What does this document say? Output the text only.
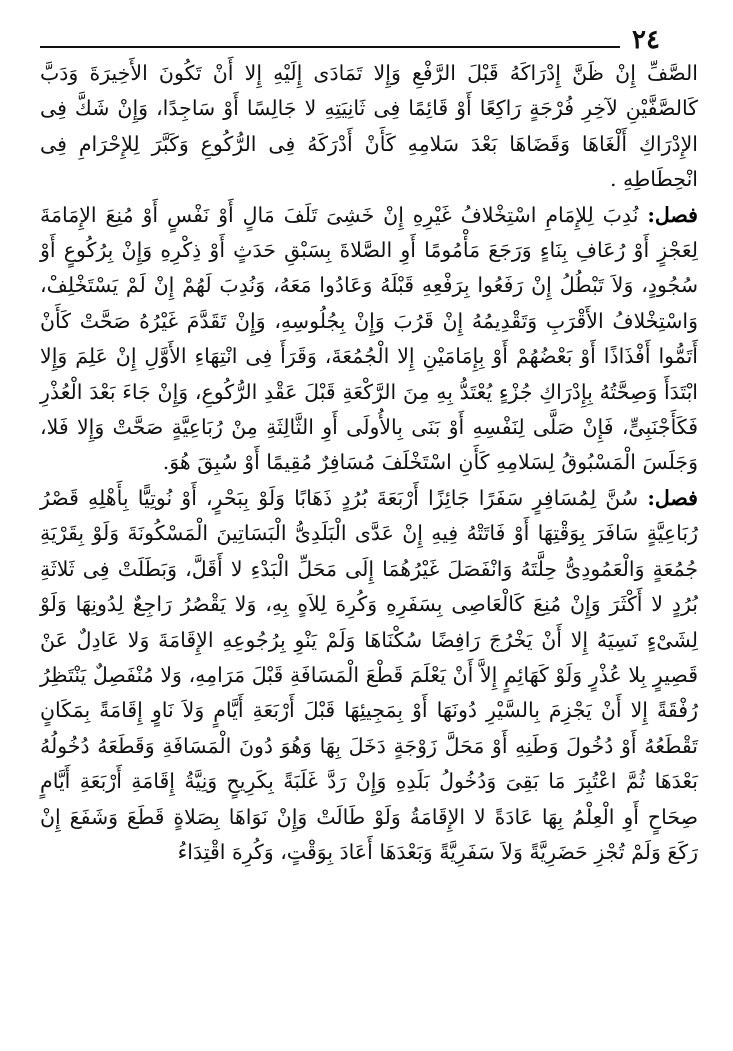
٢٤

الصَّفِّ إِنْ ظَنَّ إِدْرَاكَهُ قَبْلَ الرَّفْعِ وَإِلا تَمَادَى إِلَيْهِ إِلا أَنْ تَكُونَ الأَخِيرَةَ وَدَبَّ كَالصَّفَّيْنِ لآخِرِ فُرْجَةٍ رَاكِعًا أَوْ قَائِمًا فِى ثَانِيَتِهِ لا جَالِسًا أَوْ سَاجِدًا، وَإِنْ شَكَّ فِى الإِدْرَاكِ أَلْغَاهَا وَقَضَاهَا بَعْدَ سَلامِهِ كَأَنْ أَدْرَكَهُ فِى الرُّكُوعِ وَكَبَّرَ لِلإِحْرَامِ فِى انْحِطَاطِهِ .

فصل: نُدِبَ لِلإِمَامِ اسْتِخْلافُ غَيْرِهِ إِنْ خَشِىَ تَلَفَ مَالٍ أَوْ نَفْسٍ أَوْ مُنِعَ الإِمَامَةَ لِعَجْزٍ أَوْ رُعَافِ بِنَاءٍ وَرَجَعَ مَأْمُومًا أَوِ الصَّلاةَ بِسَبْقِ حَدَثٍ أَوْ ذِكْرِهِ وَإِنْ بِرُكُوعٍ أَوْ سُجُودٍ، وَلاَ تَبْطُلُ إِنْ رَفَعُوا بِرَفْعِهِ قَبْلَهُ وَعَادُوا مَعَهُ، وَنُدِبَ لَهُمْ إِنْ لَمْ يَسْتَخْلِفْ، وَاسْتِخْلافُ الأَقْرَبِ وَتَقْدِيمُهُ إِنْ قَرُبَ وَإِنْ بِجُلُوسِهِ، وَإِنْ تَقَدَّمَ غَيْرُهُ صَحَّتْ كَأَنْ أَتَمُّوا أَفْذَاذًا أَوْ بَعْضُهُمْ أَوْ بِإِمَامَيْنِ إِلا الْجُمُعَةَ، وَقَرَأَ فِى انْتِهَاءِ الأَوَّلِ إِنْ عَلِمَ وَإِلا ابْتَدَأَ وَصِحَّتُهُ بِإِدْرَاكِ جُزْءٍ يُعْتَدُّ بِهِ مِنَ الرَّكْعَةِ قَبْلَ عَقْدِ الرُّكُوعِ، وَإِنْ جَاءَ بَعْدَ الْعُذْرِ فَكَأَجْنَبِىٍّ، فَإِنْ صَلَّى لِنَفْسِهِ أَوْ بَنَى بِالأُولَى أَوِ الثَّالِثَةِ مِنْ رُبَاعِيَّةٍ صَحَّتْ وَإِلا فَلا، وَجَلَسَ الْمَسْبُوقُ لِسَلامِهِ كَأَنِ اسْتَخْلَفَ مُسَافِرٌ مُقِيمًا أَوْ سُبِقَ هُوَ.

فصل: سُنَّ لِمُسَافِرٍ سَفَرًا جَائِزًا أَرْبَعَةَ بُرُدٍ ذَهَابًا وَلَوْ بِبَحْرٍ، أَوْ نُوتِيًّا بِأَهْلِهِ قَصْرُ رُبَاعِيَّةٍ سَافَرَ بِوَقْتِهَا أَوْ فَاتَتْهُ فِيهِ إِنْ عَدَّى الْبَلَدِىُّ الْبَسَاتِينَ الْمَسْكُونَةَ وَلَوْ بِقَرْيَةِ جُمُعَةٍ وَالْعَمُودِىُّ حِلَّتَهُ وَانْفَصَلَ غَيْرُهُمَا إِلَى مَحَلِّ الْبَدْءِ لا أَقَلَّ، وَبَطَلَتْ فِى ثَلاثَةِ بُرُدٍ لا أَكْثَرَ وَإِنْ مُنِعَ كَالْعَاصِى بِسَفَرِهِ وَكُرِهَ لِلاَهٍ بِهِ، وَلا يَقْصُرُ رَاجِعٌ لِدُونِهَا وَلَوْ لِشَىْءٍ نَسِيَهُ إِلا أَنْ يَخْرُجَ رَافِضًا سُكْنَاهَا وَلَمْ يَنْوِ بِرُجُوعِهِ الإِقَامَةَ وَلا عَادِلٌ عَنْ قَصِيرٍ بِلا عُذْرٍ وَلَوْ كَهَائِمٍ إِلاَّ أَنْ يَعْلَمَ قَطْعَ الْمَسَافَةِ قَبْلَ مَرَامِهِ، وَلا مُنْفَصِلٌ يَنْتَظِرُ رُفْقَةً إِلا أَنْ يَجْزِمَ بِالسَّيْرِ دُونَهَا أَوْ بِمَجِيئِهَا قَبْلَ أَرْبَعَةِ أَيَّامٍ وَلاَ نَاوٍ إِقَامَةً بِمَكَانٍ تَقْطَعُهُ أَوْ دُخُولَ وَطَنِهِ أَوْ مَحَلَّ زَوْجَةٍ دَخَلَ بِهَا وَهُوَ دُونَ الْمَسَافَةِ وَقَطَعَهُ دُخُولُهُ بَعْدَهَا ثُمَّ اعْتُبِرَ مَا بَقِىَ وَدُخُولُ بَلَدِهِ وَإِنْ رَدَّ غَلَبَةً بِكَرِيحٍ وَنِيَّةُ إِقَامَةِ أَرْبَعَةِ أَيَّامٍ صِحَاحٍ أَوِ الْعِلْمُ بِهَا عَادَةً لا الإِقَامَةُ وَلَوْ طَالَتْ وَإِنْ نَوَاهَا بِصَلاةٍ قَطَعَ وَشَفَعَ إِنْ رَكَعَ وَلَمْ تُجْزِ حَضَرِيَّةً وَلاَ سَفَرِيَّةً وَبَعْدَهَا أَعَادَ بِوَقْتٍ، وَكُرِهَ اقْتِدَاءُ
